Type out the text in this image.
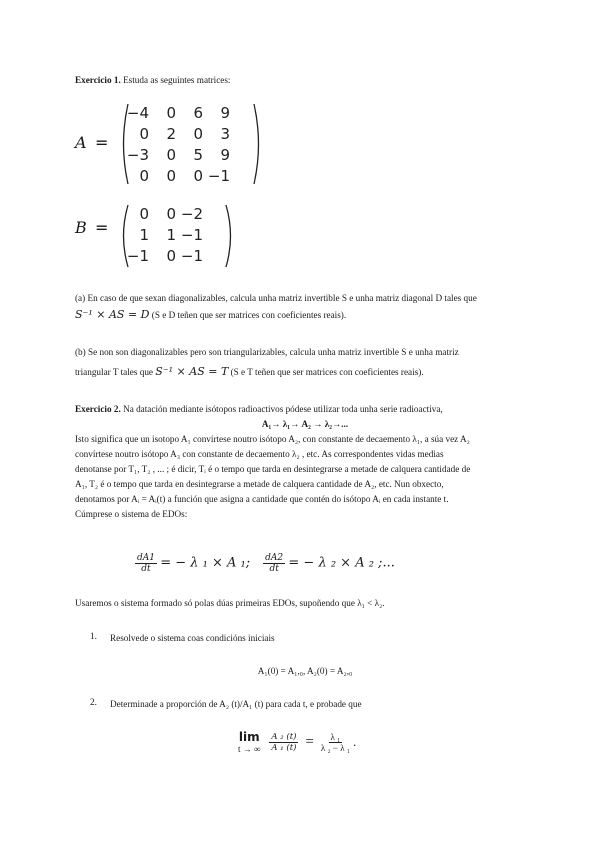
Exercicio 1. Estuda as seguintes matrices:
A =
−4	0	6	9
0	2	0	3
−3	0	5	9
0	0	0 −1
B =
0	0 −2
1	1 −1
−1	0 −1
(a) En caso de que sexan diagonalizables, calcula unha matriz invertible S e unha matriz diagonal D tales que
S⁻¹ × AS = D (S e D teñen que ser matrices con coeficientes reais).
(b) Se non son diagonalizables pero son triangularizables, calcula unha matriz invertible S e unha matriz
triangular T tales que S⁻¹ × AS = T (S e T teñen que ser matrices con coeficientes reais).
Exercicio 2. Na datación mediante isótopos radioactivos pódese utilizar toda unha serie radioactiva,
A₁→ λ₁→ A₂ → λ₂→...
Isto significa que un isotopo A₁ convírtese noutro isótopo A₂, con constante de decaemento λ₁, a súa vez A₂
convírtese noutro isótopo A₃ con constante de decaemento λ₂ , etc. As correspondentes vidas medias
denotanse por T₁, T₂ , ... ; é dicir, Tᵢ é o tempo que tarda en desintegrarse a metade de calquera cantidade de
A₁, T₂ é o tempo que tarda en desintegrarse a metade de calquera cantidade de A₂, etc. Nun obxecto,
denotamos por Aᵢ = Aᵢ(t) a función que asigna a cantidade que contén do isótopo Aᵢ en cada instante t.
Cúmprese o sistema de EDOs:
$\frac{dA1}{dt}$ = − λ ₁ × A ₁; $\frac{dA2}{dt}$ = − λ ₂ × A ₂ ;...
Usaremos o sistema formado só polas dúas primeiras EDOs, supoñendo que λ₁ < λ₂.
1. Resolvede o sistema coas condicións iniciais
A₁(0) = A₁,₀, A₂(0) = A₂,₀
2. Determinade a proporción de A₂ (t)/A₁ (t) para cada t, e probade que
lim
t → ∞
$\frac{\text{A ₂ (t)}}{\text{A ₁ (t)}} = \frac{\text{λ ₁}}{\text{λ ₂ − λ ₁}}$ .
